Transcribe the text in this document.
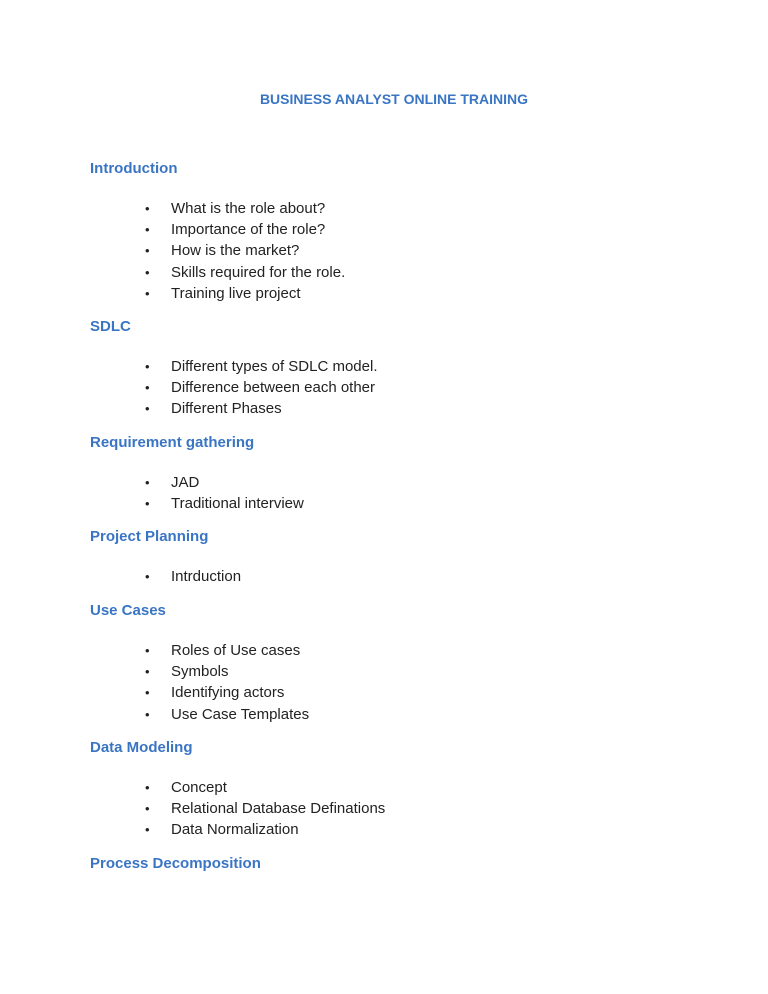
BUSINESS ANALYST ONLINE TRAINING
Introduction
• What is the role about?
• Importance of the role?
• How is the market?
• Skills required for the role.
• Training live project
SDLC
• Different types of SDLC model.
• Difference between each other
• Different Phases
Requirement gathering
• JAD
• Traditional interview
Project Planning
• Intrduction
Use Cases
• Roles of Use cases
• Symbols
• Identifying actors
• Use Case Templates
Data Modeling
• Concept
• Relational Database Definations
• Data Normalization
Process Decomposition
